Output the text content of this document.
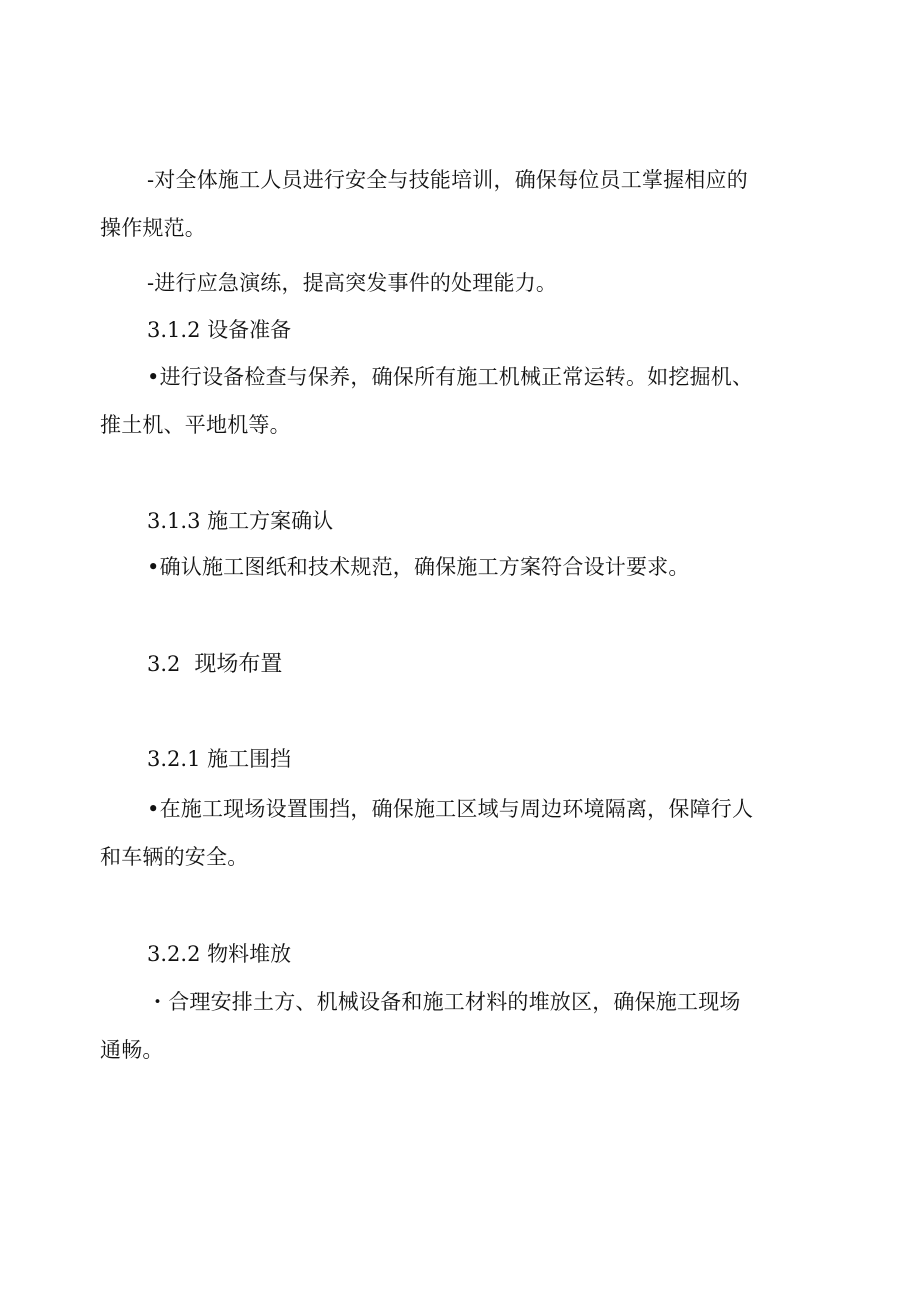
-对全体施工人员进行安全与技能培训，确保每位员工掌握相应的
操作规范。
-进行应急演练，提高突发事件的处理能力。
3.1.2 设备准备
•进行设备检查与保养，确保所有施工机械正常运转。如挖掘机、
推土机、平地机等。
3.1.3 施工方案确认
•确认施工图纸和技术规范，确保施工方案符合设计要求。
3.2 现场布置
3.2.1 施工围挡
•在施工现场设置围挡，确保施工区域与周边环境隔离，保障行人
和车辆的安全。
3.2.2 物料堆放
・合理安排土方、机械设备和施工材料的堆放区，确保施工现场
通畅。
